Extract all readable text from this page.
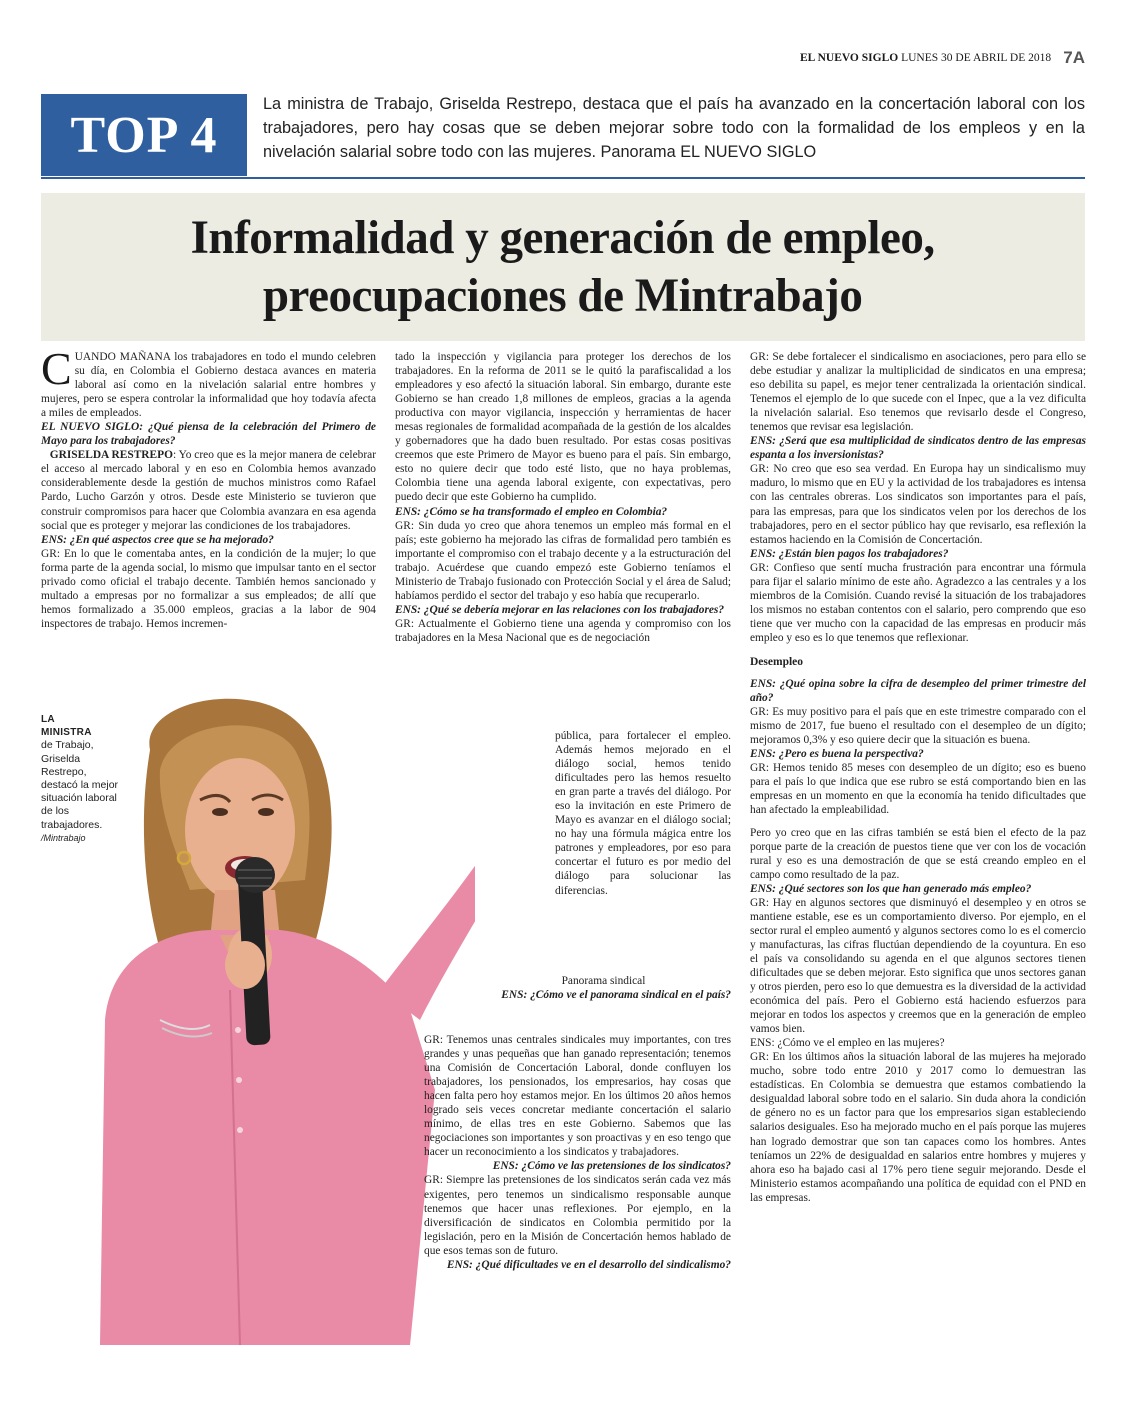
EL NUEVO SIGLO LUNES 30 DE ABRIL DE 2018 7A
TOP 4
La ministra de Trabajo, Griselda Restrepo, destaca que el país ha avanzado en la concertación laboral con los trabajadores, pero hay cosas que se deben mejorar sobre todo con la formalidad de los empleos y en la nivelación salarial sobre todo con las mujeres. Panorama EL NUEVO SIGLO
Informalidad y generación de empleo,
preocupaciones de Mintrabajo

CUANDO MAÑANA los trabajadores en todo el mundo celebren su día, en Colombia el Gobierno destaca avances en materia laboral así como en la nivelación salarial entre hombres y mujeres, pero se espera controlar la informalidad que hoy todavía afecta a miles de empleados.

EL NUEVO SIGLO: ¿Qué piensa de la celebración del Primero de Mayo para los trabajadores?

GRISELDA RESTREPO: Yo creo que es la mejor manera de celebrar el acceso al mercado laboral y en eso en Colombia hemos avanzado considerablemente desde la gestión de muchos ministros como Rafael Pardo, Lucho Garzón y otros. Desde este Ministerio se tuvieron que construir compromisos para hacer que Colombia avanzara en esa agenda social que es proteger y mejorar las condiciones de los trabajadores.

ENS: ¿En qué aspectos cree que se ha mejorado?

GR: En lo que le comentaba antes, en la condición de la mujer; lo que forma parte de la agenda social, lo mismo que impulsar tanto en el sector privado como oficial el trabajo decente. También hemos sancionado y multado a empresas por no formalizar a sus empleados; de allí que hemos formalizado a 35.000 empleos, gracias a la labor de 904 inspectores de trabajo. Hemos incremen-

LA
MINISTRA
de Trabajo, Griselda Restrepo, destacó la mejor situación laboral de los trabajadores.
/Mintrabajo

tado la inspección y vigilancia para proteger los derechos de los trabajadores. En la reforma de 2011 se le quitó la parafiscalidad a los empleadores y eso afectó la situación laboral. Sin embargo, durante este Gobierno se han creado 1,8 millones de empleos, gracias a la agenda productiva con mayor vigilancia, inspección y herramientas de hacer mesas regionales de formalidad acompañada de la gestión de los alcaldes y gobernadores que ha dado buen resultado. Por estas cosas positivas creemos que este Primero de Mayor es bueno para el país. Sin embargo, esto no quiere decir que todo esté listo, que no haya problemas, Colombia tiene una agenda laboral exigente, con expectativas, pero puedo decir que este Gobierno ha cumplido.

ENS: ¿Cómo se ha transformado el empleo en Colombia?

GR: Sin duda yo creo que ahora tenemos un empleo más formal en el país; este gobierno ha mejorado las cifras de formalidad pero también es importante el compromiso con el trabajo decente y a la estructuración del trabajo. Acuérdese que cuando empezó este Gobierno teníamos el Ministerio de Trabajo fusionado con Protección Social y el área de Salud; habíamos perdido el sector del trabajo y eso había que recuperarlo.

ENS: ¿Qué se debería mejorar en las relaciones con los trabajadores?

GR: Actualmente el Gobierno tiene una agenda y compromiso con los trabajadores en la Mesa Nacional que es de negociación

pública, para fortalecer el empleo. Además hemos mejorado en el diálogo social, hemos tenido dificultades pero las hemos resuelto en gran parte a través del diálogo. Por eso la invitación en este Primero de Mayo es avanzar en el diálogo social; no hay una fórmula mágica entre los patrones y empleadores, por eso para concertar el futuro es por medio del diálogo para solucionar las diferencias.

Panorama sindical

ENS: ¿Cómo ve el panorama sindical en el país?

GR: Tenemos unas centrales sindicales muy importantes, con tres grandes y unas pequeñas que han ganado representación; tenemos una Comisión de Concertación Laboral, donde confluyen los trabajadores, los pensionados, los empresarios, hay cosas que hacen falta pero hoy estamos mejor. En los últimos 20 años hemos logrado seis veces concretar mediante concertación el salario mínimo, de ellas tres en este Gobierno. Sabemos que las negociaciones son importantes y son proactivas y en eso tengo que hacer un reconocimiento a los sindicatos y trabajadores.

ENS: ¿Cómo ve las pretensiones de los sindicatos?

GR: Siempre las pretensiones de los sindicatos serán cada vez más exigentes, pero tenemos un sindicalismo responsable aunque tenemos que hacer unas reflexiones. Por ejemplo, en la diversificación de sindicatos en Colombia permitido por la legislación, pero en la Misión de Concertación hemos hablado de que esos temas son de futuro.

ENS: ¿Qué dificultades ve en el desarrollo del sindicalismo?

GR: Se debe fortalecer el sindicalismo en asociaciones, pero para ello se debe estudiar y analizar la multiplicidad de sindicatos en una empresa; eso debilita su papel, es mejor tener centralizada la orientación sindical. Tenemos el ejemplo de lo que sucede con el Inpec, que a la vez dificulta la nivelación salarial. Eso tenemos que revisarlo desde el Congreso, tenemos que revisar esa legislación.

ENS: ¿Será que esa multiplicidad de sindicatos dentro de las empresas espanta a los inversionistas?

GR: No creo que eso sea verdad. En Europa hay un sindicalismo muy maduro, lo mismo que en EU y la actividad de los trabajadores es intensa con las centrales obreras. Los sindicatos son importantes para el país, para las empresas, para que los sindicatos velen por los derechos de los trabajadores, pero en el sector público hay que revisarlo, esa reflexión la estamos haciendo en la Comisión de Concertación.

ENS: ¿Están bien pagos los trabajadores?

GR: Confieso que sentí mucha frustración para encontrar una fórmula para fijar el salario mínimo de este año. Agradezco a las centrales y a los miembros de la Comisión. Cuando revisé la situación de los trabajadores los mismos no estaban contentos con el salario, pero comprendo que eso tiene que ver mucho con la capacidad de las empresas en producir más empleo y eso es lo que tenemos que reflexionar.

Desempleo

ENS: ¿Qué opina sobre la cifra de desempleo del primer trimestre del año?

GR: Es muy positivo para el país que en este trimestre comparado con el mismo de 2017, fue bueno el resultado con el desempleo de un dígito; mejoramos 0,3% y eso quiere decir que la situación es buena.

ENS: ¿Pero es buena la perspectiva?

GR: Hemos tenido 85 meses con desempleo de un dígito; eso es bueno para el país lo que indica que ese rubro se está comportando bien en las empresas en un momento en que la economía ha tenido dificultades que han afectado la empleabilidad.

Pero yo creo que en las cifras también se está bien el efecto de la paz porque parte de la creación de puestos tiene que ver con los de vocación rural y eso es una demostración de que se está creando empleo en el campo como resultado de la paz.

ENS: ¿Qué sectores son los que han generado más empleo?

GR: Hay en algunos sectores que disminuyó el desempleo y en otros se mantiene estable, ese es un comportamiento diverso. Por ejemplo, en el sector rural el empleo aumentó y algunos sectores como lo es el comercio y manufacturas, las cifras fluctúan dependiendo de la coyuntura. En eso el país va consolidando su agenda en el que algunos sectores tienen dificultades que se deben mejorar. Esto significa que unos sectores ganan y otros pierden, pero eso lo que demuestra es la diversidad de la actividad económica del país. Pero el Gobierno está haciendo esfuerzos para mejorar en todos los aspectos y creemos que en la generación de empleo vamos bien.

ENS: ¿Cómo ve el empleo en las mujeres?

GR: En los últimos años la situación laboral de las mujeres ha mejorado mucho, sobre todo entre 2010 y 2017 como lo demuestran las estadísticas. En Colombia se demuestra que estamos combatiendo la desigualdad laboral sobre todo en el salario. Sin duda ahora la condición de género no es un factor para que los empresarios sigan estableciendo salarios desiguales. Eso ha mejorado mucho en el país porque las mujeres han logrado demostrar que son tan capaces como los hombres. Antes teníamos un 22% de desigualdad en salarios entre hombres y mujeres y ahora eso ha bajado casi al 17% pero tiene seguir mejorando. Desde el Ministerio estamos acompañando una política de equidad con el PND en las empresas.
